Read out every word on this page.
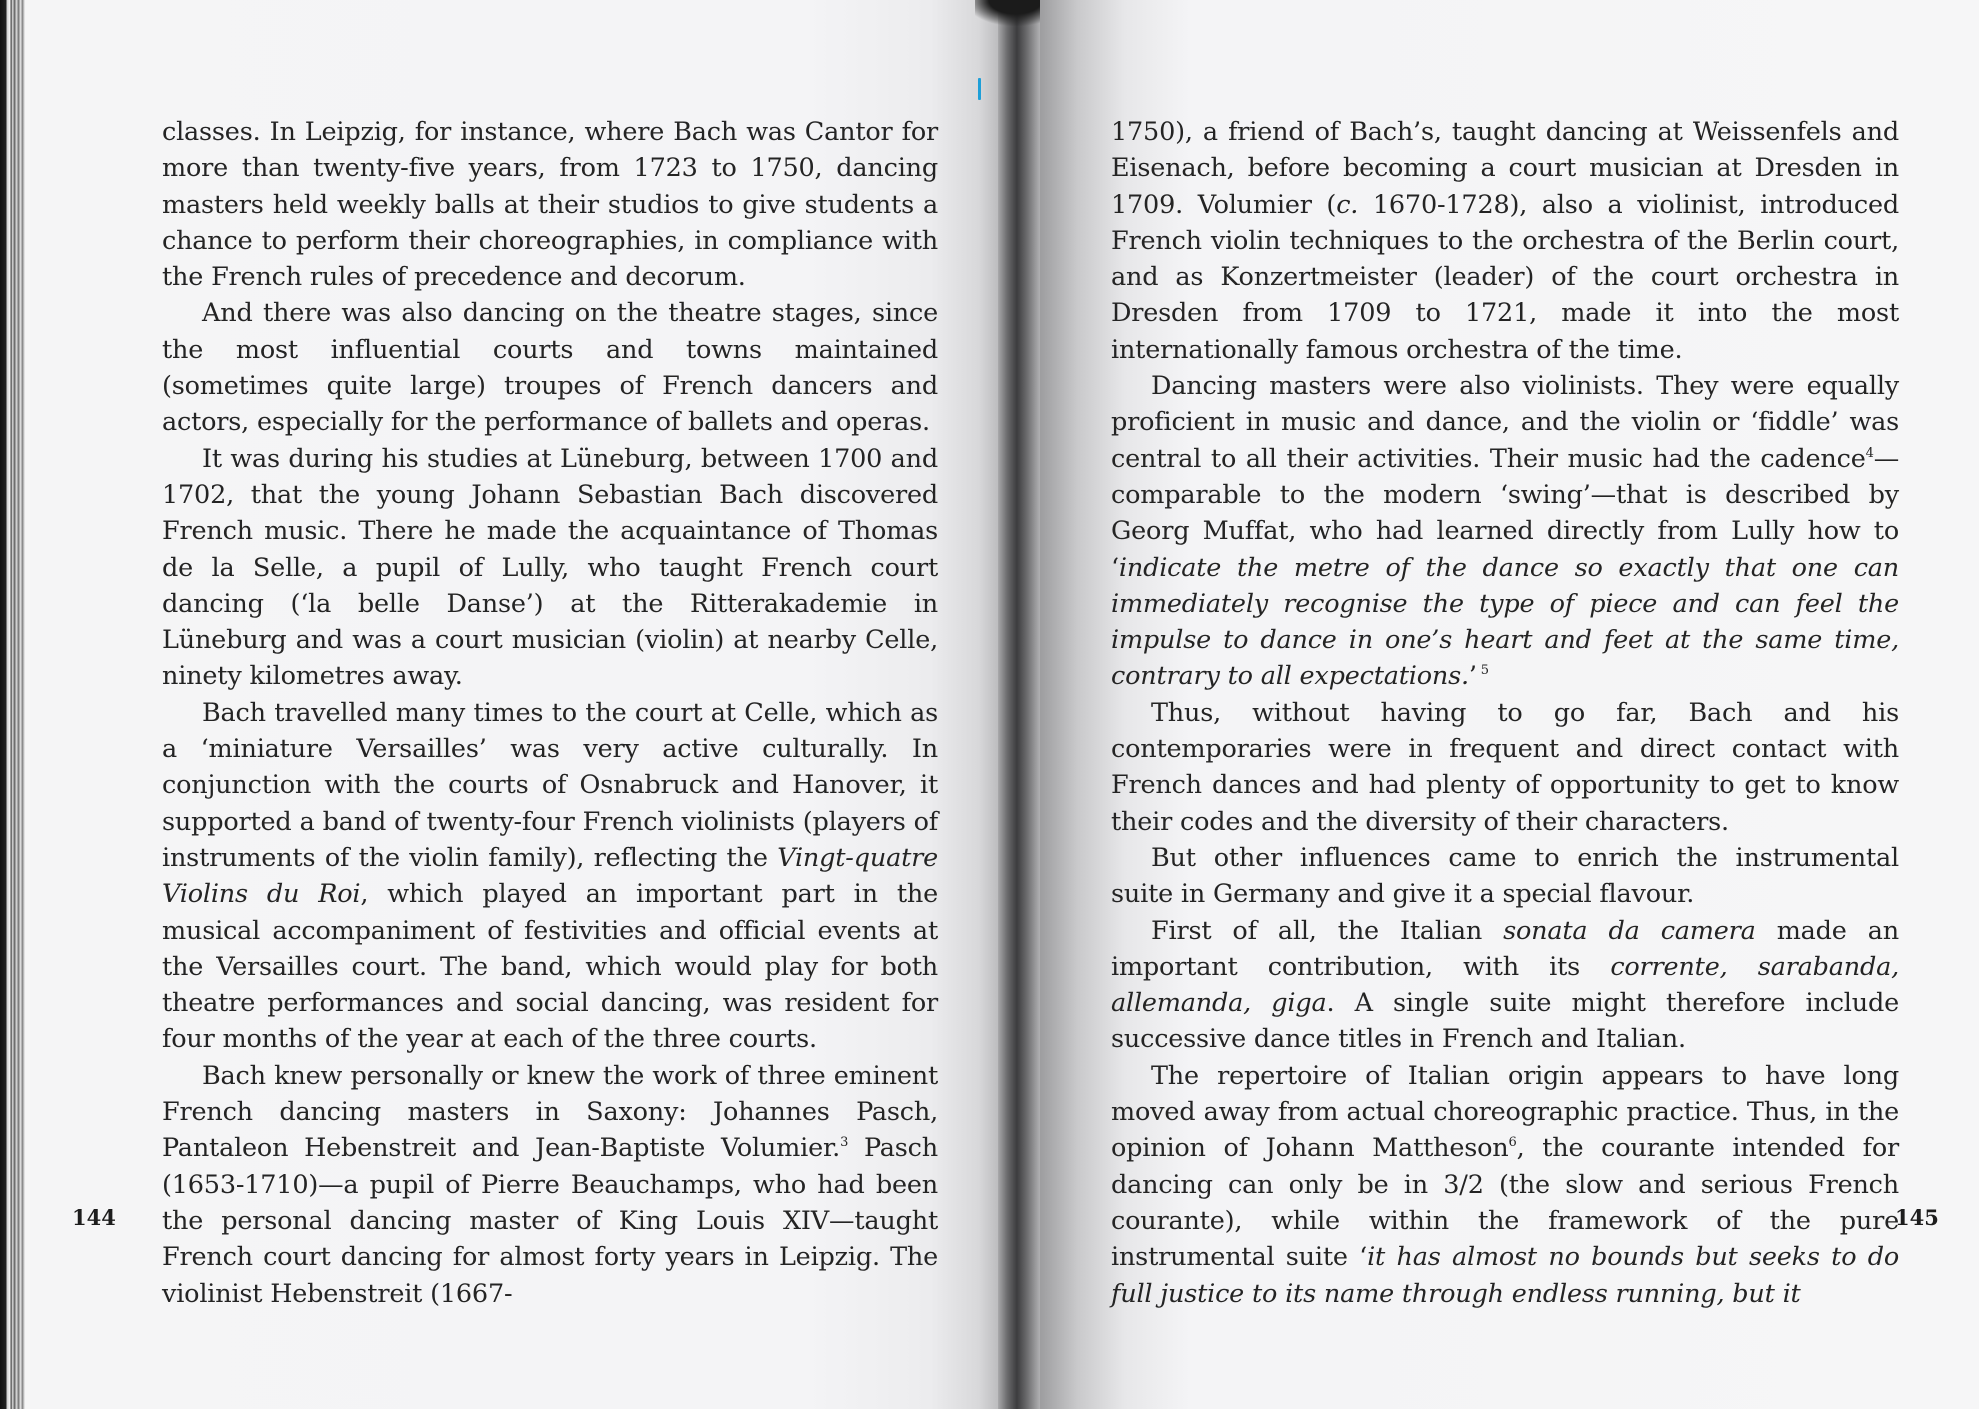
classes. In Leipzig, for instance, where Bach was Cantor for more than twenty-five years, from 1723 to 1750, dancing masters held weekly balls at their studios to give students a chance to perform their choreographies, in compliance with the French rules of precedence and decorum.

And there was also dancing on the theatre stages, since the most influential courts and towns maintained (sometimes quite large) troupes of French dancers and actors, especially for the performance of ballets and operas.

It was during his studies at Lüneburg, between 1700 and 1702, that the young Johann Sebastian Bach discovered French music. There he made the acquaintance of Thomas de la Selle, a pupil of Lully, who taught French court dancing (‘la belle Danse’) at the Ritterakademie in Lüneburg and was a court musician (violin) at nearby Celle, ninety kilometres away.

Bach travelled many times to the court at Celle, which as a ‘miniature Versailles’ was very active culturally. In conjunction with the courts of Osnabruck and Hanover, it supported a band of twenty-four French violinists (players of instruments of the violin family), reflecting the Vingt-quatre Violins du Roi, which played an important part in the musical accompaniment of festivities and official events at the Versailles court. The band, which would play for both theatre performances and social dancing, was resident for four months of the year at each of the three courts.

Bach knew personally or knew the work of three eminent French dancing masters in Saxony: Johannes Pasch, Pantaleon Hebenstreit and Jean-Baptiste Volumier.$^3$ Pasch (1653-1710)—a pupil of Pierre Beauchamps, who had been the personal dancing master of King Louis XIV—taught French court dancing for almost forty years in Leipzig. The violinist Hebenstreit (1667-

144

1750), a friend of Bach’s, taught dancing at Weissenfels and Eisenach, before becoming a court musician at Dresden in 1709. Volumier (c. 1670-1728), also a violinist, introduced French violin techniques to the orchestra of the Berlin court, and as Konzertmeister (leader) of the court orchestra in Dresden from 1709 to 1721, made it into the most internationally famous orchestra of the time.

Dancing masters were also violinists. They were equally proficient in music and dance, and the violin or ‘fiddle’ was central to all their activities. Their music had the cadence$^4$—comparable to the modern ‘swing’—that is described by Georg Muffat, who had learned directly from Lully how to ‘indicate the metre of the dance so exactly that one can immediately recognise the type of piece and can feel the impulse to dance in one’s heart and feet at the same time, contrary to all expectations.’ $^5$

Thus, without having to go far, Bach and his contemporaries were in frequent and direct contact with French dances and had plenty of opportunity to get to know their codes and the diversity of their characters.

But other influences came to enrich the instrumental suite in Germany and give it a special flavour.

First of all, the Italian sonata da camera made an important contribution, with its corrente, sarabanda, allemanda, giga. A single suite might therefore include successive dance titles in French and Italian.

The repertoire of Italian origin appears to have long moved away from actual choreographic practice. Thus, in the opinion of Johann Mattheson$^6$, the courante intended for dancing can only be in 3/2 (the slow and serious French courante), while within the framework of the pure instrumental suite ‘it has almost no bounds but seeks to do full justice to its name through endless running, but it

145
